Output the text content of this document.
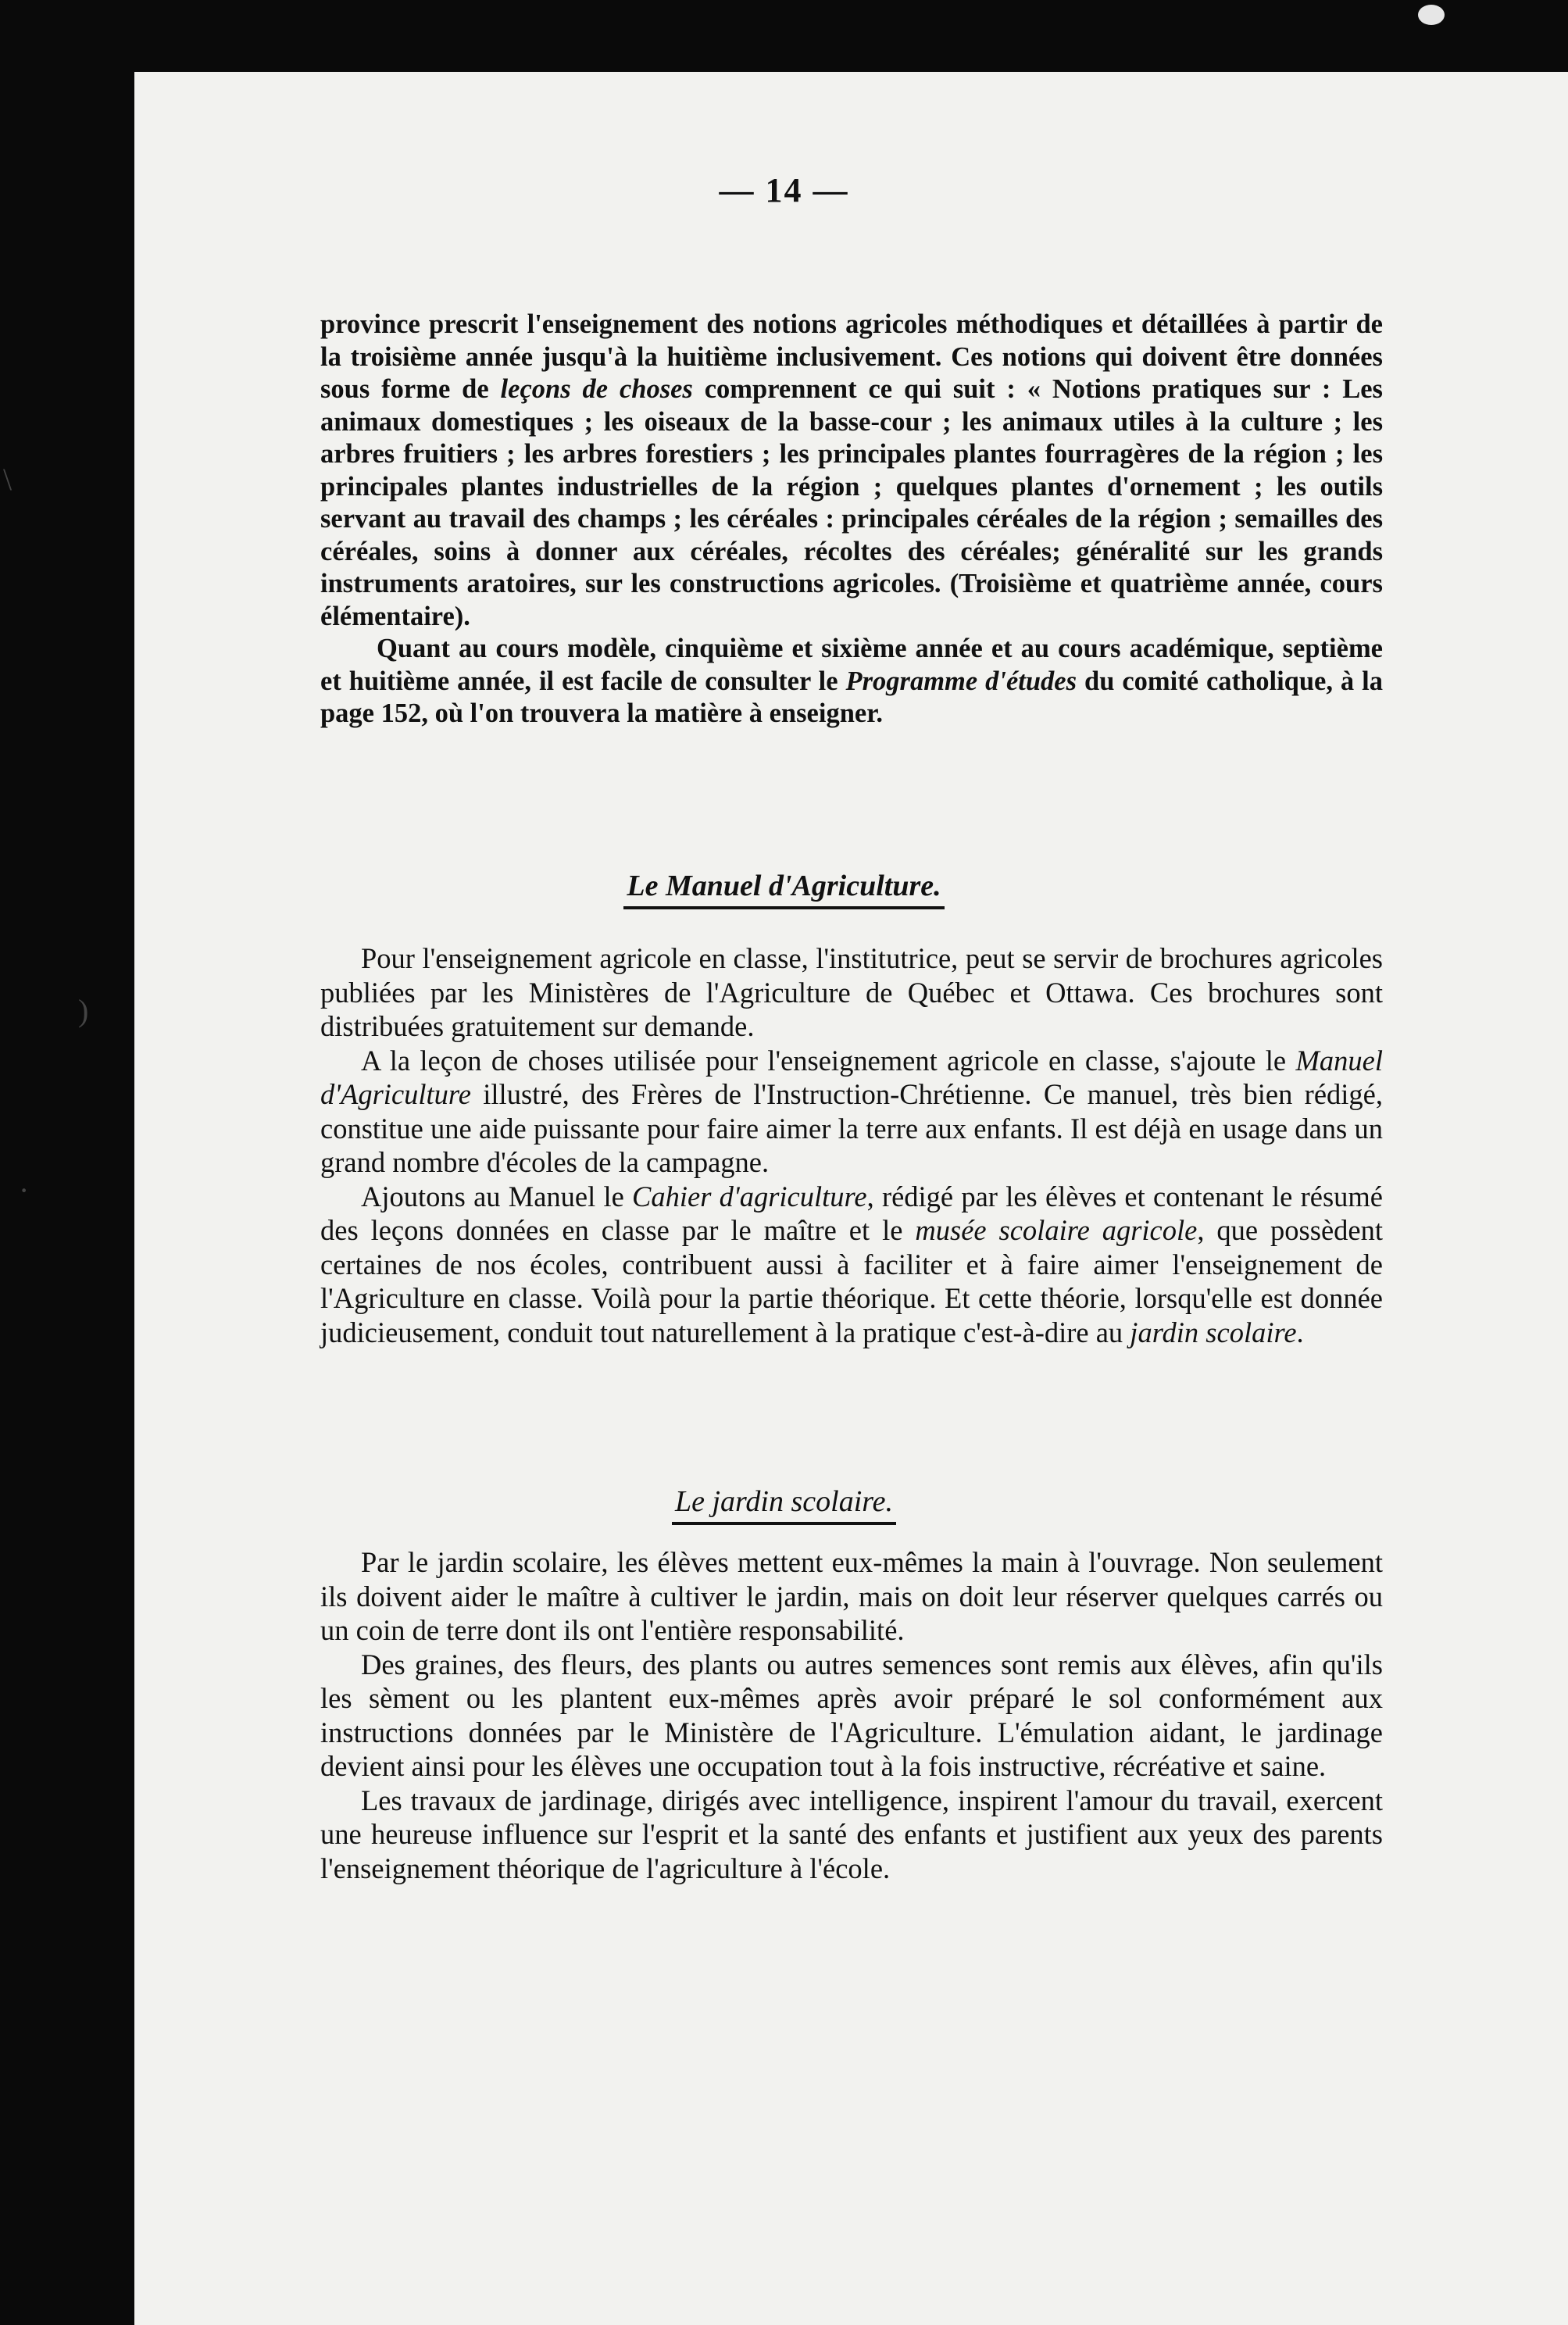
\
)
·
— 14 —

province prescrit l'enseignement des notions agricoles méthodiques et détaillées à partir de la troisième année jusqu'à la huitième inclusivement. Ces notions qui doivent être données sous forme de leçons de choses comprennent ce qui suit : « Notions pratiques sur : Les animaux domestiques ; les oiseaux de la basse-cour ; les animaux utiles à la culture ; les arbres fruitiers ; les arbres forestiers ; les principales plantes fourragères de la région ; les principales plantes industrielles de la région ; quelques plantes d'ornement ; les outils servant au travail des champs ; les céréales : principales céréales de la région ; semailles des céréales, soins à donner aux céréales, récoltes des céréales; généralité sur les grands instruments aratoires, sur les constructions agricoles. (Troisième et quatrième année, cours élémentaire).

Quant au cours modèle, cinquième et sixième année et au cours académique, septième et huitième année, il est facile de consulter le Programme d'études du comité catholique, à la page 152, où l'on trouvera la matière à enseigner.

Le Manuel d'Agriculture.

Pour l'enseignement agricole en classe, l'institutrice, peut se servir de brochures agricoles publiées par les Ministères de l'Agriculture de Québec et Ottawa. Ces brochures sont distribuées gratuitement sur demande.

A la leçon de choses utilisée pour l'enseignement agricole en classe, s'ajoute le Manuel d'Agriculture illustré, des Frères de l'Instruction-Chrétienne. Ce manuel, très bien rédigé, constitue une aide puissante pour faire aimer la terre aux enfants. Il est déjà en usage dans un grand nombre d'écoles de la campagne.

Ajoutons au Manuel le Cahier d'agriculture, rédigé par les élèves et contenant le résumé des leçons données en classe par le maître et le musée scolaire agricole, que possèdent certaines de nos écoles, contribuent aussi à faciliter et à faire aimer l'enseignement de l'Agriculture en classe. Voilà pour la partie théorique. Et cette théorie, lorsqu'elle est donnée judicieusement, conduit tout naturellement à la pratique c'est-à-dire au jardin scolaire.

Le jardin scolaire.

Par le jardin scolaire, les élèves mettent eux-mêmes la main à l'ouvrage. Non seulement ils doivent aider le maître à cultiver le jardin, mais on doit leur réserver quelques carrés ou un coin de terre dont ils ont l'entière responsabilité.

Des graines, des fleurs, des plants ou autres semences sont remis aux élèves, afin qu'ils les sèment ou les plantent eux-mêmes après avoir préparé le sol conformément aux instructions données par le Ministère de l'Agriculture. L'émulation aidant, le jardinage devient ainsi pour les élèves une occupation tout à la fois instructive, récréative et saine.

Les travaux de jardinage, dirigés avec intelligence, inspirent l'amour du travail, exercent une heureuse influence sur l'esprit et la santé des enfants et justifient aux yeux des parents l'enseignement théorique de l'agriculture à l'école.
